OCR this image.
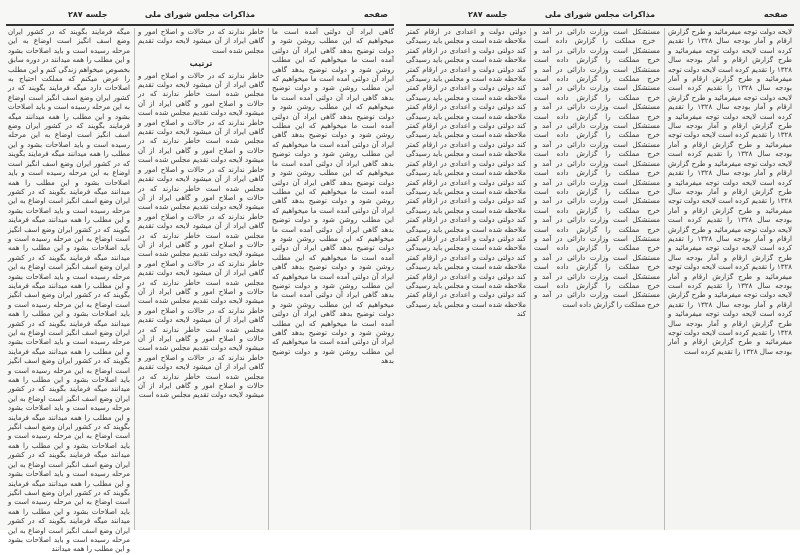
صفحه
مذاکرات مجلس شورای ملی
جلسه ۲۸۷
گاهی ایراد آن دولتی آمده است ما میخواهیم که این مطلب روشن شود و دولت توضیح بدهد گاهی ایراد آن دولتی آمده است ما میخواهیم که این مطلب روشن شود و دولت توضیح بدهد گاهی ایراد آن دولتی آمده است ما میخواهیم که این مطلب روشن شود و دولت توضیح بدهد گاهی ایراد آن دولتی آمده است ما میخواهیم که این مطلب روشن شود و دولت توضیح بدهد گاهی ایراد آن دولتی آمده است ما میخواهیم که این مطلب روشن شود و دولت توضیح بدهد گاهی ایراد آن دولتی آمده است ما میخواهیم که این مطلب روشن شود و دولت توضیح بدهد گاهی ایراد آن دولتی آمده است ما میخواهیم که این مطلب روشن شود و دولت توضیح بدهد گاهی ایراد آن دولتی آمده است ما میخواهیم که این مطلب روشن شود و دولت توضیح بدهد گاهی ایراد آن دولتی آمده است ما میخواهیم که این مطلب روشن شود و دولت توضیح بدهد گاهی ایراد آن دولتی آمده است ما میخواهیم که این مطلب روشن شود و دولت توضیح بدهد گاهی ایراد آن دولتی آمده است ما میخواهیم که این مطلب روشن شود و دولت توضیح بدهد گاهی ایراد آن دولتی آمده است ما میخواهیم که این مطلب روشن شود و دولت توضیح بدهد گاهی ایراد آن دولتی آمده است ما میخواهیم که این مطلب روشن شود و دولت توضیح بدهد گاهی ایراد آن دولتی آمده است ما میخواهیم که این مطلب روشن شود و دولت توضیح بدهد گاهی ایراد آن دولتی آمده است ما میخواهیم که این مطلب روشن شود و دولت توضیح بدهد
خاطر ندارند که در حالات و اصلاح امور و گاهی ایراد از آن میشود لایحه دولت تقدیم مجلس شده است
ترتیب
خاطر ندارند که در حالات و اصلاح امور و گاهی ایراد از آن میشود لایحه دولت تقدیم مجلس شده است خاطر ندارند که در حالات و اصلاح امور و گاهی ایراد از آن میشود لایحه دولت تقدیم مجلس شده است خاطر ندارند که در حالات و اصلاح امور و گاهی ایراد از آن میشود لایحه دولت تقدیم مجلس شده است خاطر ندارند که در حالات و اصلاح امور و گاهی ایراد از آن میشود لایحه دولت تقدیم مجلس شده است خاطر ندارند که در حالات و اصلاح امور و گاهی ایراد از آن میشود لایحه دولت تقدیم مجلس شده است خاطر ندارند که در حالات و اصلاح امور و گاهی ایراد از آن میشود لایحه دولت تقدیم مجلس شده است خاطر ندارند که در حالات و اصلاح امور و گاهی ایراد از آن میشود لایحه دولت تقدیم مجلس شده است خاطر ندارند که در حالات و اصلاح امور و گاهی ایراد از آن میشود لایحه دولت تقدیم مجلس شده است خاطر ندارند که در حالات و اصلاح امور و گاهی ایراد از آن میشود لایحه دولت تقدیم مجلس شده است خاطر ندارند که در حالات و اصلاح امور و گاهی ایراد از آن میشود لایحه دولت تقدیم مجلس شده است خاطر ندارند که در حالات و اصلاح امور و گاهی ایراد از آن میشود لایحه دولت تقدیم مجلس شده است خاطر ندارند که در حالات و اصلاح امور و گاهی ایراد از آن میشود لایحه دولت تقدیم مجلس شده است خاطر ندارند که در حالات و اصلاح امور و گاهی ایراد از آن میشود لایحه دولت تقدیم مجلس شده است خاطر ندارند که در حالات و اصلاح امور و گاهی ایراد از آن میشود لایحه دولت تقدیم مجلس شده است
میگه فرمایند بگویند که در کشور ایران وضع اسف انگیز است اوضاع به این مرحله رسیده است و باید اصلاحات بشود و این مطلب را همه میدانند در دوره سابق بخصوص میخواهم زندگی کنم و این مطلب را عرض میکنم که مملکت احتیاج به اصلاحات دارد میگه فرمایند بگویند که در کشور ایران وضع اسف انگیز است اوضاع به این مرحله رسیده است و باید اصلاحات بشود و این مطلب را همه میدانند میگه فرمایند بگویند که در کشور ایران وضع اسف انگیز است اوضاع به این مرحله رسیده است و باید اصلاحات بشود و این مطلب را همه میدانند میگه فرمایند بگویند که در کشور ایران وضع اسف انگیز است اوضاع به این مرحله رسیده است و باید اصلاحات بشود و این مطلب را همه میدانند میگه فرمایند بگویند که در کشور ایران وضع اسف انگیز است اوضاع به این مرحله رسیده است و باید اصلاحات بشود و این مطلب را همه میدانند میگه فرمایند بگویند که در کشور ایران وضع اسف انگیز است اوضاع به این مرحله رسیده است و باید اصلاحات بشود و این مطلب را همه میدانند میگه فرمایند بگویند که در کشور ایران وضع اسف انگیز است اوضاع به این مرحله رسیده است و باید اصلاحات بشود و این مطلب را همه میدانند میگه فرمایند بگویند که در کشور ایران وضع اسف انگیز است اوضاع به این مرحله رسیده است و باید اصلاحات بشود و این مطلب را همه میدانند میگه فرمایند بگویند که در کشور ایران وضع اسف انگیز است اوضاع به این مرحله رسیده است و باید اصلاحات بشود و این مطلب را همه میدانند میگه فرمایند بگویند که در کشور ایران وضع اسف انگیز است اوضاع به این مرحله رسیده است و باید اصلاحات بشود و این مطلب را همه میدانند میگه فرمایند بگویند که در کشور ایران وضع اسف انگیز است اوضاع به این مرحله رسیده است و باید اصلاحات بشود و این مطلب را همه میدانند میگه فرمایند بگویند که در کشور ایران وضع اسف انگیز است اوضاع به این مرحله رسیده است و باید اصلاحات بشود و این مطلب را همه میدانند میگه فرمایند بگویند که در کشور ایران وضع اسف انگیز است اوضاع به این مرحله رسیده است و باید اصلاحات بشود و این مطلب را همه میدانند میگه فرمایند بگویند که در کشور ایران وضع اسف انگیز است اوضاع به این مرحله رسیده است و باید اصلاحات بشود و این مطلب را همه میدانند میگه فرمایند بگویند که در کشور ایران وضع اسف انگیز است اوضاع به این مرحله رسیده است و باید اصلاحات بشود و این مطلب را همه میدانند
صفحه
مذاکرات مجلس شورای ملی
جلسه ۲۸۷
لایحه دولت توجه میفرمائید و طرح گزارش ارقام و آمار بودجه سال ۱۳۲۸ را تقدیم کرده است لایحه دولت توجه میفرمائید و طرح گزارش ارقام و آمار بودجه سال ۱۳۲۸ را تقدیم کرده است لایحه دولت توجه میفرمائید و طرح گزارش ارقام و آمار بودجه سال ۱۳۲۸ را تقدیم کرده است لایحه دولت توجه میفرمائید و طرح گزارش ارقام و آمار بودجه سال ۱۳۲۸ را تقدیم کرده است لایحه دولت توجه میفرمائید و طرح گزارش ارقام و آمار بودجه سال ۱۳۲۸ را تقدیم کرده است لایحه دولت توجه میفرمائید و طرح گزارش ارقام و آمار بودجه سال ۱۳۲۸ را تقدیم کرده است لایحه دولت توجه میفرمائید و طرح گزارش ارقام و آمار بودجه سال ۱۳۲۸ را تقدیم کرده است لایحه دولت توجه میفرمائید و طرح گزارش ارقام و آمار بودجه سال ۱۳۲۸ را تقدیم کرده است لایحه دولت توجه میفرمائید و طرح گزارش ارقام و آمار بودجه سال ۱۳۲۸ را تقدیم کرده است لایحه دولت توجه میفرمائید و طرح گزارش ارقام و آمار بودجه سال ۱۳۲۸ را تقدیم کرده است لایحه دولت توجه میفرمائید و طرح گزارش ارقام و آمار بودجه سال ۱۳۲۸ را تقدیم کرده است لایحه دولت توجه میفرمائید و طرح گزارش ارقام و آمار بودجه سال ۱۳۲۸ را تقدیم کرده است لایحه دولت توجه میفرمائید و طرح گزارش ارقام و آمار بودجه سال ۱۳۲۸ را تقدیم کرده است لایحه دولت توجه میفرمائید و طرح گزارش ارقام و آمار بودجه سال ۱۳۲۸ را تقدیم کرده است لایحه دولت توجه میفرمائید و طرح گزارش ارقام و آمار بودجه سال ۱۳۲۸ را تقدیم کرده است
مستشکل است وزارت دارائی در آمد و خرج مملکت را گزارش داده است مستشکل است وزارت دارائی در آمد و خرج مملکت را گزارش داده است مستشکل است وزارت دارائی در آمد و خرج مملکت را گزارش داده است مستشکل است وزارت دارائی در آمد و خرج مملکت را گزارش داده است مستشکل است وزارت دارائی در آمد و خرج مملکت را گزارش داده است مستشکل است وزارت دارائی در آمد و خرج مملکت را گزارش داده است مستشکل است وزارت دارائی در آمد و خرج مملکت را گزارش داده است مستشکل است وزارت دارائی در آمد و خرج مملکت را گزارش داده است مستشکل است وزارت دارائی در آمد و خرج مملکت را گزارش داده است مستشکل است وزارت دارائی در آمد و خرج مملکت را گزارش داده است مستشکل است وزارت دارائی در آمد و خرج مملکت را گزارش داده است مستشکل است وزارت دارائی در آمد و خرج مملکت را گزارش داده است مستشکل است وزارت دارائی در آمد و خرج مملکت را گزارش داده است مستشکل است وزارت دارائی در آمد و خرج مملکت را گزارش داده است مستشکل است وزارت دارائی در آمد و خرج مملکت را گزارش داده است
دولتی دولت و اعدادی در ارقام کمتر ملاحظه شده است و مجلس باید رسیدگی کند دولتی دولت و اعدادی در ارقام کمتر ملاحظه شده است و مجلس باید رسیدگی کند دولتی دولت و اعدادی در ارقام کمتر ملاحظه شده است و مجلس باید رسیدگی کند دولتی دولت و اعدادی در ارقام کمتر ملاحظه شده است و مجلس باید رسیدگی کند دولتی دولت و اعدادی در ارقام کمتر ملاحظه شده است و مجلس باید رسیدگی کند دولتی دولت و اعدادی در ارقام کمتر ملاحظه شده است و مجلس باید رسیدگی کند دولتی دولت و اعدادی در ارقام کمتر ملاحظه شده است و مجلس باید رسیدگی کند دولتی دولت و اعدادی در ارقام کمتر ملاحظه شده است و مجلس باید رسیدگی کند دولتی دولت و اعدادی در ارقام کمتر ملاحظه شده است و مجلس باید رسیدگی کند دولتی دولت و اعدادی در ارقام کمتر ملاحظه شده است و مجلس باید رسیدگی کند دولتی دولت و اعدادی در ارقام کمتر ملاحظه شده است و مجلس باید رسیدگی کند دولتی دولت و اعدادی در ارقام کمتر ملاحظه شده است و مجلس باید رسیدگی کند دولتی دولت و اعدادی در ارقام کمتر ملاحظه شده است و مجلس باید رسیدگی کند دولتی دولت و اعدادی در ارقام کمتر ملاحظه شده است و مجلس باید رسیدگی کند دولتی دولت و اعدادی در ارقام کمتر ملاحظه شده است و مجلس باید رسیدگی کند
